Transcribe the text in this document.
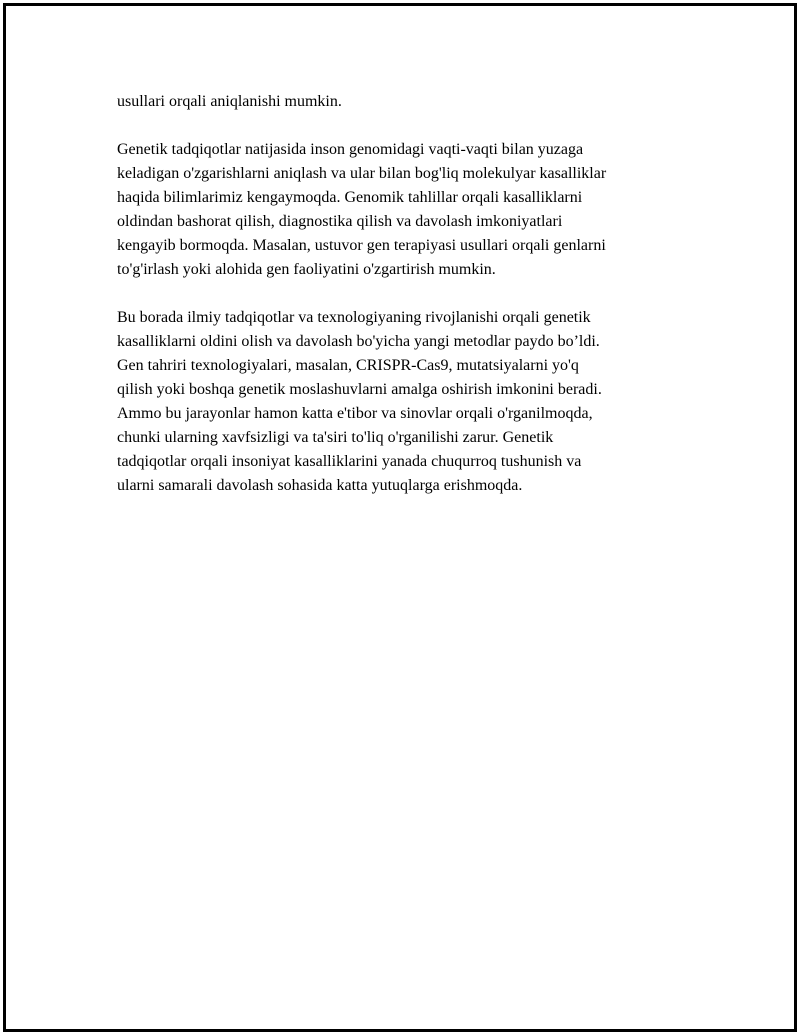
usullari orqali aniqlanishi mumkin.

Genetik tadqiqotlar natijasida inson genomidagi vaqti-vaqti bilan yuzaga
keladigan o'zgarishlarni aniqlash va ular bilan bog'liq molekulyar kasalliklar
haqida bilimlarimiz kengaymoqda. Genomik tahlillar orqali kasalliklarni
oldindan bashorat qilish, diagnostika qilish va davolash imkoniyatlari
kengayib bormoqda. Masalan, ustuvor gen terapiyasi usullari orqali genlarni
to'g'irlash yoki alohida gen faoliyatini o'zgartirish mumkin.

Bu borada ilmiy tadqiqotlar va texnologiyaning rivojlanishi orqali genetik
kasalliklarni oldini olish va davolash bo'yicha yangi metodlar paydo bo’ldi.
Gen tahriri texnologiyalari, masalan, CRISPR-Cas9, mutatsiyalarni yo'q
qilish yoki boshqa genetik moslashuvlarni amalga oshirish imkonini beradi.
Ammo bu jarayonlar hamon katta e'tibor va sinovlar orqali o'rganilmoqda,
chunki ularning xavfsizligi va ta'siri to'liq o'rganilishi zarur. Genetik
tadqiqotlar orqali insoniyat kasalliklarini yanada chuqurroq tushunish va
ularni samarali davolash sohasida katta yutuqlarga erishmoqda.
